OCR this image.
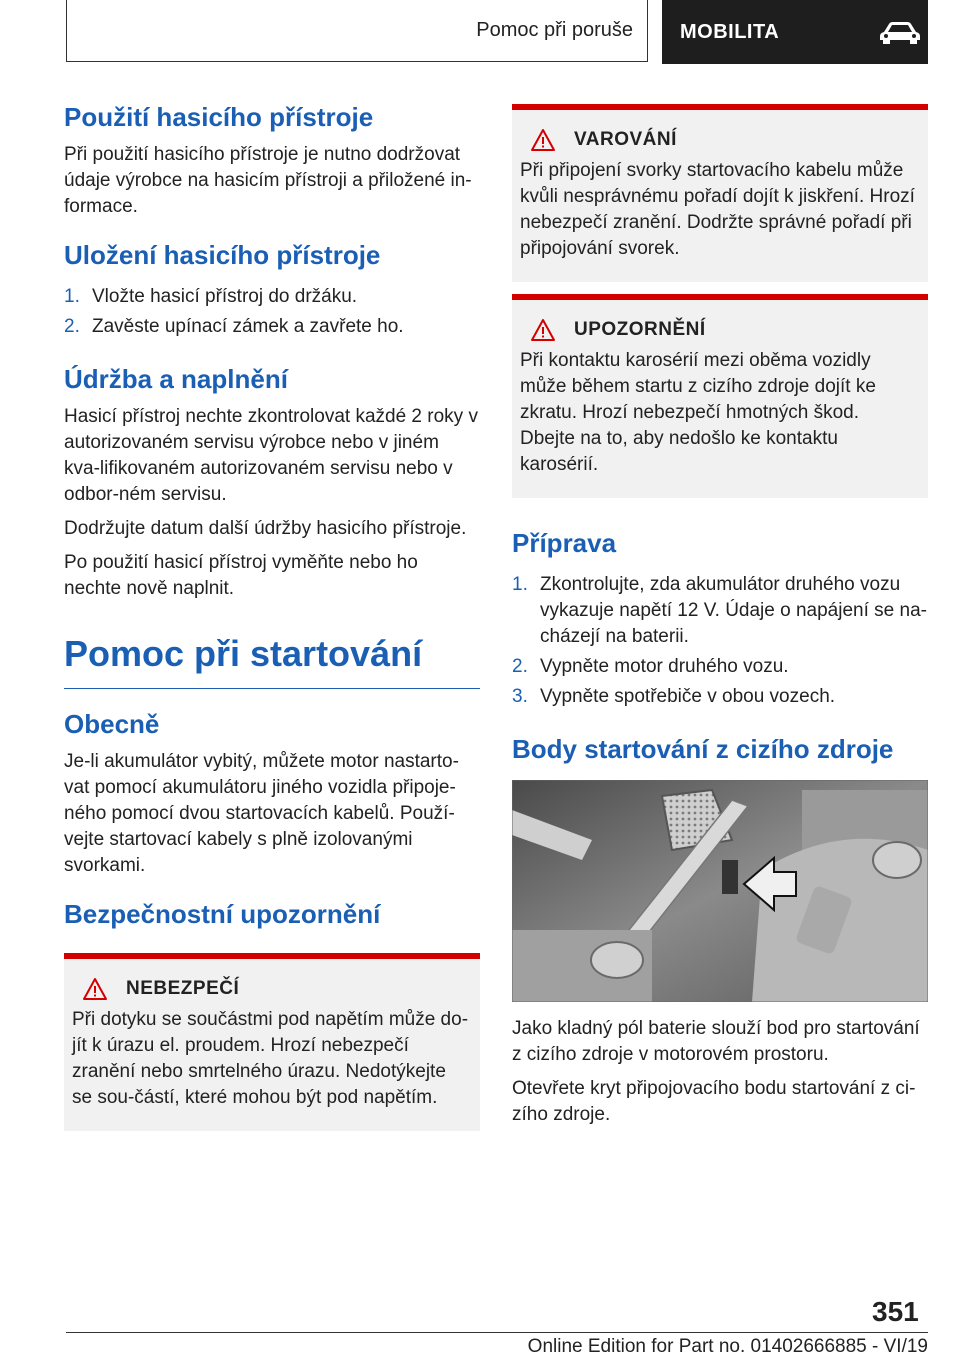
Pomoc při poruše	MOBILITA
Použití hasicího přístroje

Při použití hasicího přístroje je nutno dodržovat údaje výrobce na hasicím přístroji a přiložené in-formace.

Uložení hasicího přístroje
1. Vložte hasicí přístroj do držáku.
2. Zavěste upínací zámek a zavřete ho.
Údržba a naplnění

Hasicí přístroj nechte zkontrolovat každé 2 roky v autorizovaném servisu výrobce nebo v jiném kva-lifikovaném autorizovaném servisu nebo v odbor-ném servisu.

Dodržujte datum další údržby hasicího přístroje.

Po použití hasicí přístroj vyměňte nebo ho nechte nově naplnit.

Pomoc při startování
Obecně

Je-li akumulátor vybitý, můžete motor nastarto-vat pomocí akumulátoru jiného vozidla připoje-ného pomocí dvou startovacích kabelů. Použí-vejte startovací kabely s plně izolovanými svorkami.

Bezpečnostní upozornění
NEBEZPEČÍ

Při dotyku se součástmi pod napětím může do-jít k úrazu el. proudem. Hrozí nebezpečí zranění nebo smrtelného úrazu. Nedotýkejte se sou-částí, které mohou být pod napětím.

VAROVÁNÍ

Při připojení svorky startovacího kabelu může kvůli nesprávnému pořadí dojít k jiskření. Hrozí nebezpečí zranění. Dodržte správné pořadí při připojování svorek.

UPOZORNĚNÍ

Při kontaktu karosérií mezi oběma vozidly může během startu z cizího zdroje dojít ke zkratu. Hrozí nebezpečí hmotných škod. Dbejte na to, aby nedošlo ke kontaktu karosérií.

Příprava
1. Zkontrolujte, zda akumulátor druhého vozu vykazuje napětí 12 V. Údaje o napájení se na-cházejí na baterii.
2. Vypněte motor druhého vozu.
3. Vypněte spotřebiče v obou vozech.
Body startování z cizího zdroje

Jako kladný pól baterie slouží bod pro startování z cizího zdroje v motorovém prostoru.

Otevřete kryt připojovacího bodu startování z ci-zího zdroje.

351
Online Edition for Part no. 01402666885 - VI/19
